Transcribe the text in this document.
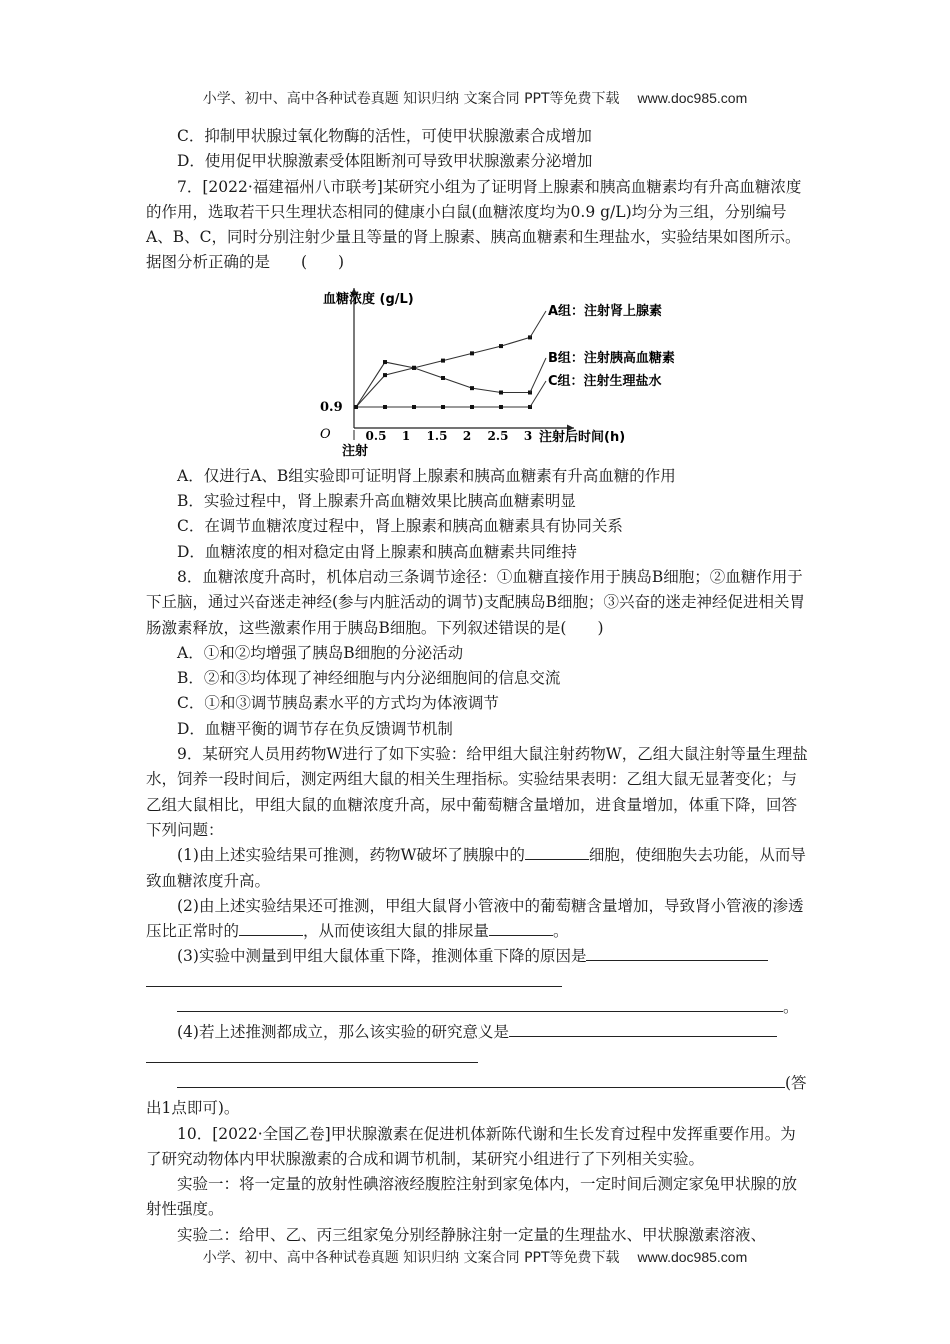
小学、初中、高中各种试卷真题 知识归纳 文案合同 PPT等免费下载 www.doc985.com

C．抑制甲状腺过氧化物酶的活性，可使甲状腺激素合成增加

D．使用促甲状腺激素受体阻断剂可导致甲状腺激素分泌增加

7．[2022·福建福州八市联考]某研究小组为了证明肾上腺素和胰高血糖素均有升高血糖浓度的作用，选取若干只生理状态相同的健康小白鼠(血糖浓度均为0.9 g/L)均分为三组，分别编号A、B、C，同时分别注射少量且等量的肾上腺素、胰高血糖素和生理盐水，实验结果如图所示。据图分析正确的是　　(　　)

血糖浓度 (g/L)
O
0.9
0.5 1 1.5 2 2.5 3
注射
注射后时间(h)
A组：注射肾上腺素
B组：注射胰高血糖素
C组：注射生理盐水

A．仅进行A、B组实验即可证明肾上腺素和胰高血糖素有升高血糖的作用

B．实验过程中，肾上腺素升高血糖效果比胰高血糖素明显

C．在调节血糖浓度过程中，肾上腺素和胰高血糖素具有协同关系

D．血糖浓度的相对稳定由肾上腺素和胰高血糖素共同维持

8．血糖浓度升高时，机体启动三条调节途径：①血糖直接作用于胰岛B细胞；②血糖作用于下丘脑，通过兴奋迷走神经(参与内脏活动的调节)支配胰岛B细胞；③兴奋的迷走神经促进相关胃肠激素释放，这些激素作用于胰岛B细胞。下列叙述错误的是(　　)

A．①和②均增强了胰岛B细胞的分泌活动

B．②和③均体现了神经细胞与内分泌细胞间的信息交流

C．①和③调节胰岛素水平的方式均为体液调节

D．血糖平衡的调节存在负反馈调节机制

9．某研究人员用药物W进行了如下实验：给甲组大鼠注射药物W，乙组大鼠注射等量生理盐水，饲养一段时间后，测定两组大鼠的相关生理指标。实验结果表明：乙组大鼠无显著变化；与乙组大鼠相比，甲组大鼠的血糖浓度升高，尿中葡萄糖含量增加，进食量增加，体重下降，回答下列问题：

(1)由上述实验结果可推测，药物W破坏了胰腺中的	细胞，使细胞失去功能，从而导致血糖浓度升高。

(2)由上述实验结果还可推测，甲组大鼠肾小管液中的葡萄糖含量增加，导致肾小管液的渗透压比正常时的	，从而使该组大鼠的排尿量	。

(3)实验中测量到甲组大鼠体重下降，推测体重下降的原因是

。

(4)若上述推测都成立，那么该实验的研究意义是

(答出1点即可)。

10．[2022·全国乙卷]甲状腺激素在促进机体新陈代谢和生长发育过程中发挥重要作用。为了研究动物体内甲状腺激素的合成和调节机制，某研究小组进行了下列相关实验。

实验一：将一定量的放射性碘溶液经腹腔注射到家兔体内，一定时间后测定家兔甲状腺的放射性强度。

实验二：给甲、乙、丙三组家兔分别经静脉注射一定量的生理盐水、甲状腺激素溶液、

小学、初中、高中各种试卷真题 知识归纳 文案合同 PPT等免费下载 www.doc985.com
